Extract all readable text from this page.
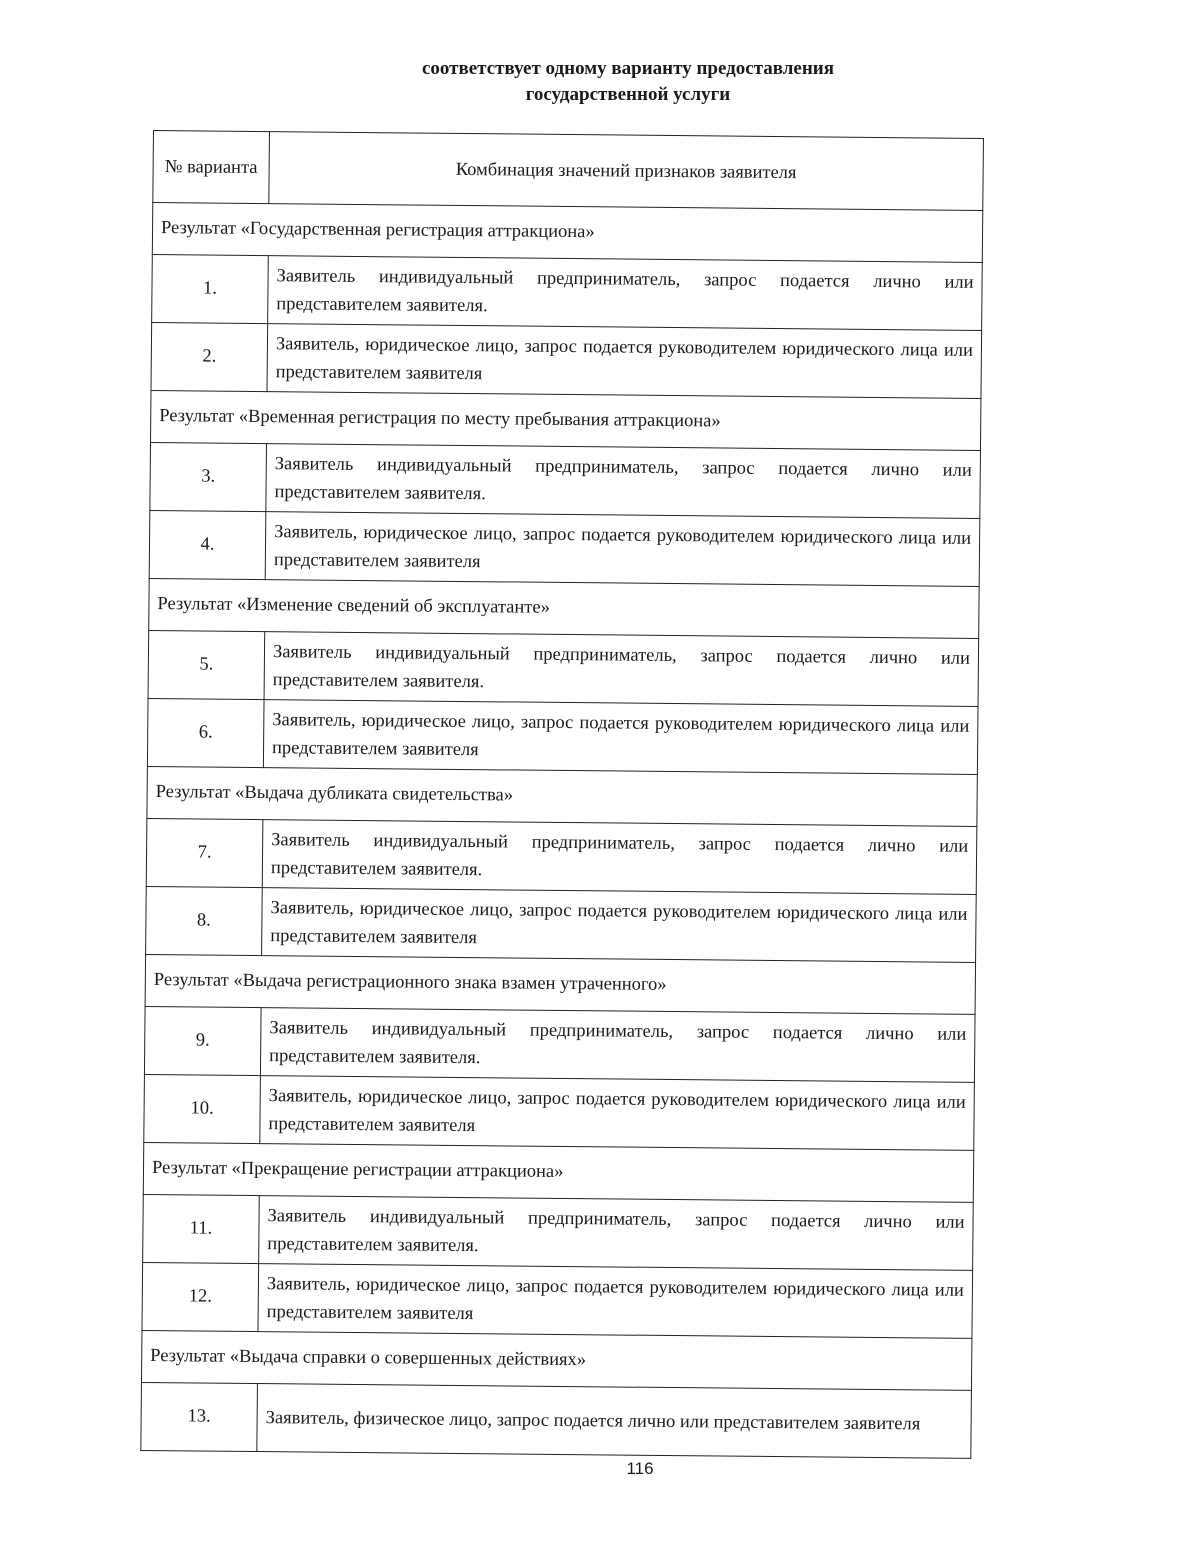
соответствует одному варианту предоставления
государственной услуги
№ варианта	Комбинация значений признаков заявителя
Результат «Государственная регистрация аттракциона»	
1.	Заявитель индивидуальный предприниматель, запрос подается лично или представителем заявителя.
2.	Заявитель, юридическое лицо, запрос подается руководителем юридического лица или представителем заявителя
Результат «Временная регистрация по месту пребывания аттракциона»	
3.	Заявитель индивидуальный предприниматель, запрос подается лично или представителем заявителя.
4.	Заявитель, юридическое лицо, запрос подается руководителем юридического лица или представителем заявителя
Результат «Изменение сведений об эксплуатанте»	
5.	Заявитель индивидуальный предприниматель, запрос подается лично или представителем заявителя.
6.	Заявитель, юридическое лицо, запрос подается руководителем юридического лица или представителем заявителя
Результат «Выдача дубликата свидетельства»	
7.	Заявитель индивидуальный предприниматель, запрос подается лично или представителем заявителя.
8.	Заявитель, юридическое лицо, запрос подается руководителем юридического лица или представителем заявителя
Результат «Выдача регистрационного знака взамен утраченного»	
9.	Заявитель индивидуальный предприниматель, запрос подается лично или представителем заявителя.
10.	Заявитель, юридическое лицо, запрос подается руководителем юридического лица или представителем заявителя
Результат «Прекращение регистрации аттракциона»	
11.	Заявитель индивидуальный предприниматель, запрос подается лично или представителем заявителя.
12.	Заявитель, юридическое лицо, запрос подается руководителем юридического лица или представителем заявителя
Результат «Выдача справки о совершенных действиях»	
13.	Заявитель, физическое лицо, запрос подается лично или представителем заявителя
116
